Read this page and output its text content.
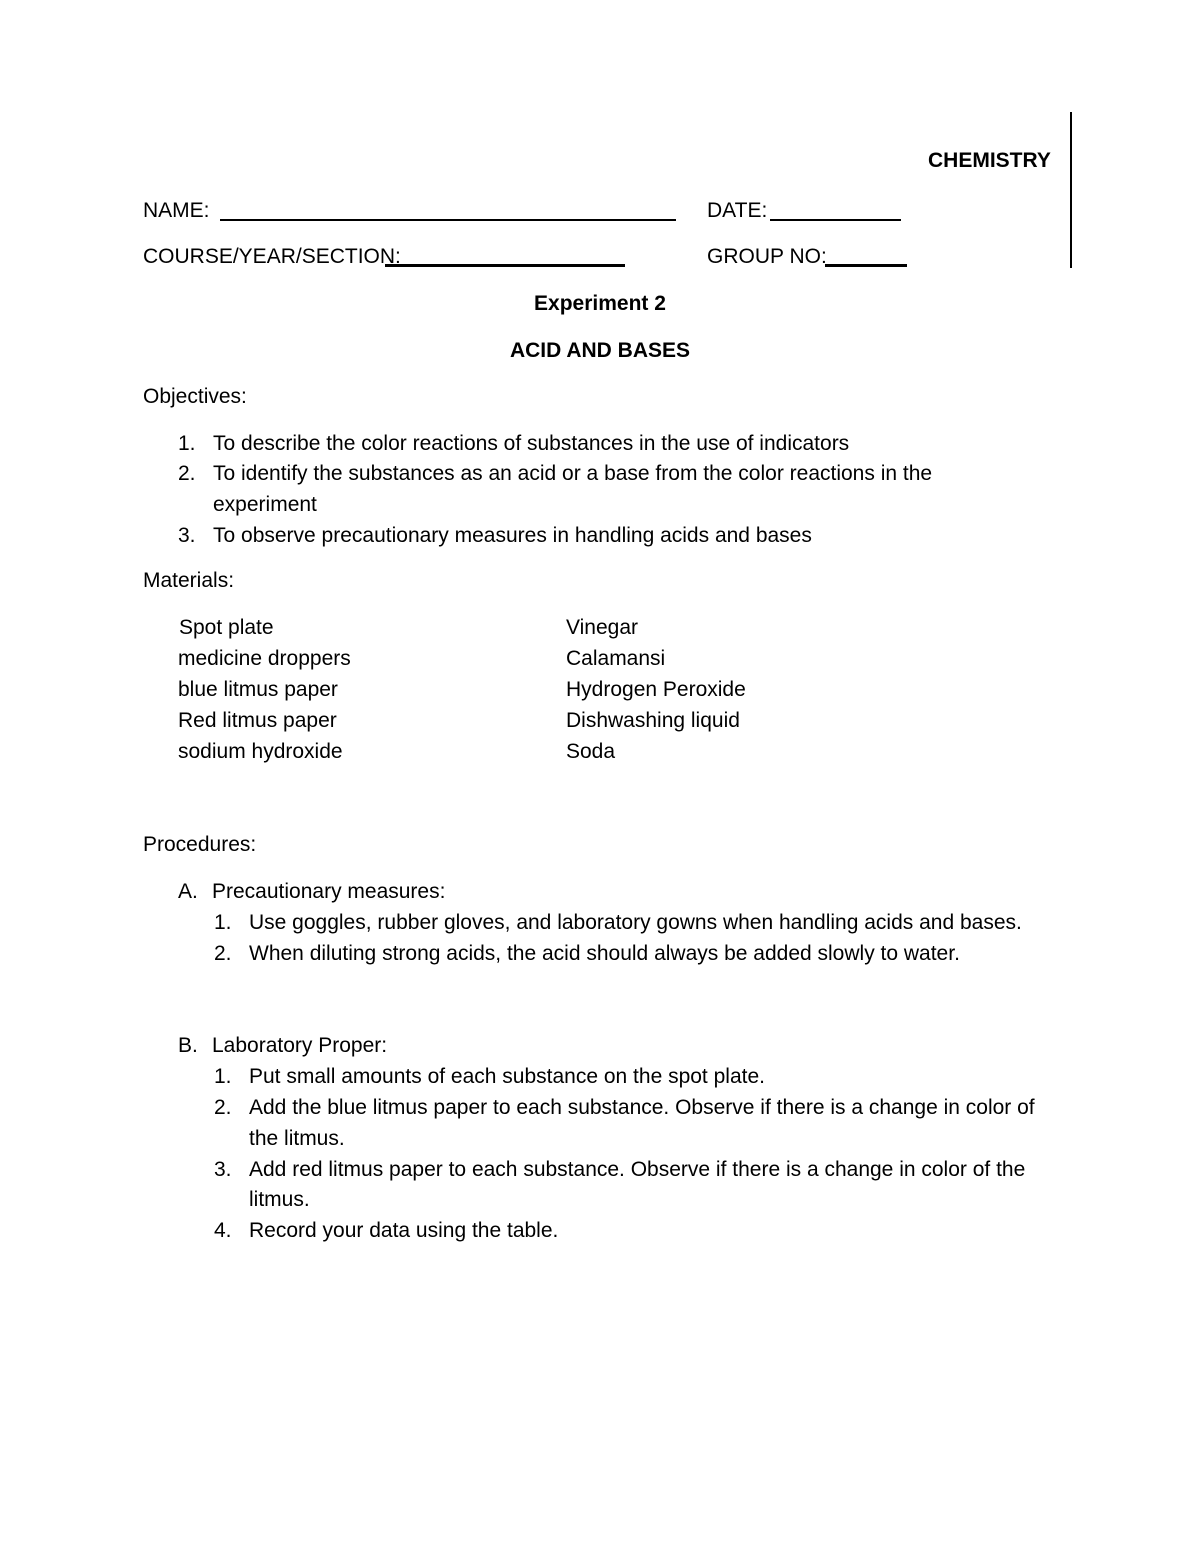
CHEMISTRY
NAME:	DATE:
COURSE/YEAR/SECTION:	GROUP NO:
Experiment 2
ACID AND BASES
Objectives:
1. To describe the color reactions of substances in the use of indicators
2. To identify the substances as an acid or a base from the color reactions in the
experiment
3. To observe precautionary measures in handling acids and bases
Materials:
Spot plate
medicine droppers
blue litmus paper
Red litmus paper
sodium hydroxide
Vinegar
Calamansi
Hydrogen Peroxide
Dishwashing liquid
Soda
Procedures:
A. Precautionary measures:
1. Use goggles, rubber gloves, and laboratory gowns when handling acids and bases.
2. When diluting strong acids, the acid should always be added slowly to water.
B. Laboratory Proper:
1. Put small amounts of each substance on the spot plate.
2. Add the blue litmus paper to each substance. Observe if there is a change in color of
the litmus.
3. Add red litmus paper to each substance. Observe if there is a change in color of the
litmus.
4. Record your data using the table.
